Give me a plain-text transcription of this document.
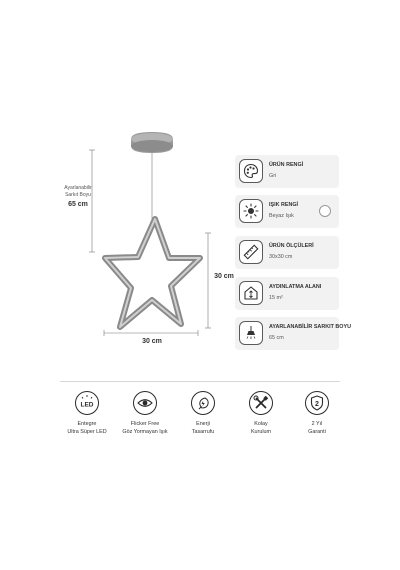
Ayarlanabilir
Sarkıt Boyu
65 cm
30 cm
30 cm
ÜRÜN RENGİ
Gri
IŞIK RENGİ
Beyaz Işık
ÜRÜN ÖLÇÜLERİ
30x30 cm
AYDINLATMA ALANI
15 m²
AYARLANABİLİR SARKIT BOYU
65 cm
LED
Entegre
Ultra Süper LED
Flicker Free
Göz Yormayan Işık
Enerji
Tasarrufu
Kolay
Kurulum
2
2 Yıl
Garanti
